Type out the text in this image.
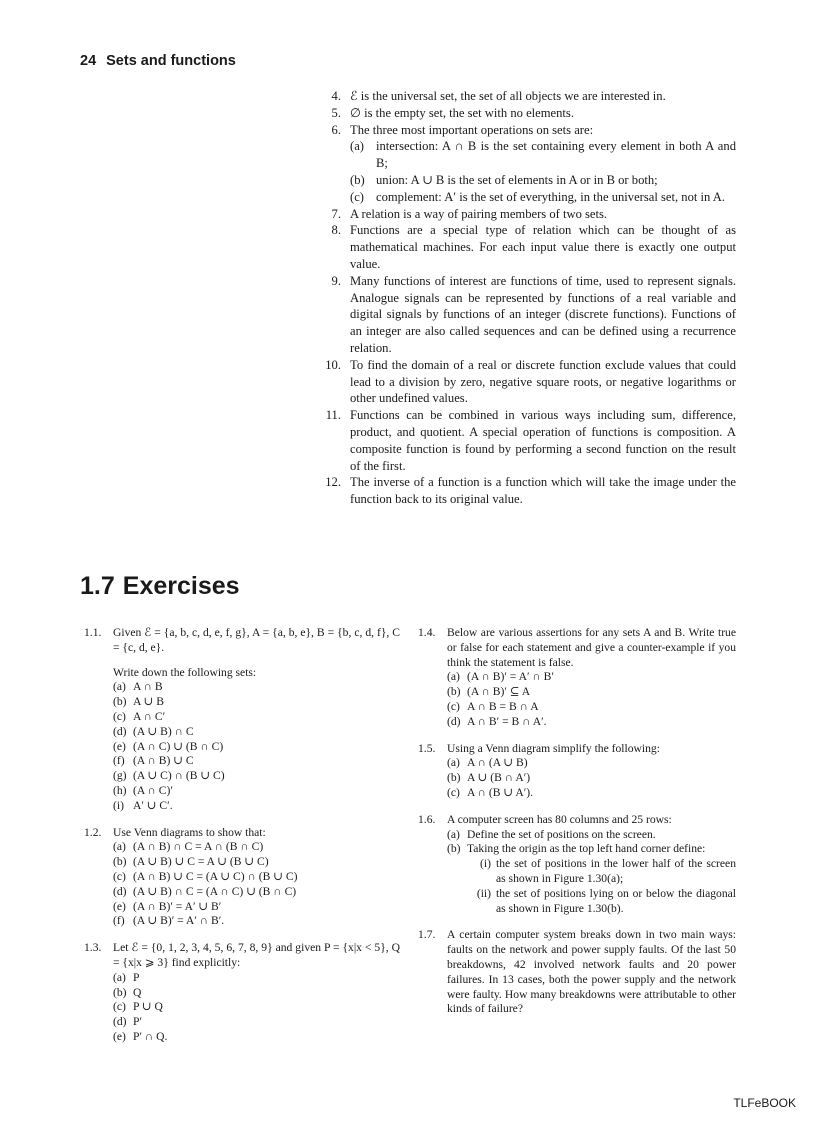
24 Sets and functions
4. ℰ is the universal set, the set of all objects we are interested in.
5. ∅ is the empty set, the set with no elements.
6. The three most important operations on sets are:
(a) intersection: A ∩ B is the set containing every element in both A and B;
(b) union: A ∪ B is the set of elements in A or in B or both;
(c) complement: A′ is the set of everything, in the universal set, not in A.
7. A relation is a way of pairing members of two sets.
8. Functions are a special type of relation which can be thought of as mathematical machines. For each input value there is exactly one output value.
9. Many functions of interest are functions of time, used to represent signals. Analogue signals can be represented by functions of a real variable and digital signals by functions of an integer (discrete functions). Functions of an integer are also called sequences and can be defined using a recurrence relation.
10. To find the domain of a real or discrete function exclude values that could lead to a division by zero, negative square roots, or negative logarithms or other undefined values.
11. Functions can be combined in various ways including sum, difference, product, and quotient. A special operation of functions is composition. A composite function is found by performing a second function on the result of the first.
12. The inverse of a function is a function which will take the image under the function back to its original value.
1.7 Exercises
1.1.	Given ℰ = {a, b, c, d, e, f, g}, A = {a, b, e}, B = {b, c, d, f}, C = {c, d, e}.
Write down the following sets:
(a) A ∩ B
(b) A ∪ B
(c) A ∩ C′
(d) (A ∪ B) ∩ C
(e) (A ∩ C) ∪ (B ∩ C)
(f) (A ∩ B) ∪ C
(g) (A ∪ C) ∩ (B ∪ C)
(h) (A ∩ C)′
(i) A′ ∪ C′.
1.2.	Use Venn diagrams to show that:
(a) (A ∩ B) ∩ C = A ∩ (B ∩ C)
(b) (A ∪ B) ∪ C = A ∪ (B ∪ C)
(c) (A ∩ B) ∪ C = (A ∪ C) ∩ (B ∪ C)
(d) (A ∪ B) ∩ C = (A ∩ C) ∪ (B ∩ C)
(e) (A ∩ B)′ = A′ ∪ B′
(f) (A ∪ B)′ = A′ ∩ B′.
1.3.	Let ℰ = {0, 1, 2, 3, 4, 5, 6, 7, 8, 9} and given P = {x|x < 5}, Q = {x|x ⩾ 3} find explicitly:
(a) P
(b) Q
(c) P ∪ Q
(d) P′
(e) P′ ∩ Q.
1.4.	Below are various assertions for any sets A and B. Write true or false for each statement and give a counter-example if you think the statement is false.
(a) (A ∩ B)′ = A′ ∩ B′
(b) (A ∩ B)′ ⊆ A
(c) A ∩ B = B ∩ A
(d) A ∩ B′ = B ∩ A′.
1.5.	Using a Venn diagram simplify the following:
(a) A ∩ (A ∪ B)
(b) A ∪ (B ∩ A′)
(c) A ∩ (B ∪ A′).
1.6.	A computer screen has 80 columns and 25 rows:
(a) Define the set of positions on the screen.
(b) Taking the origin as the top left hand corner define:
(i) the set of positions in the lower half of the screen as shown in Figure 1.30(a);
(ii) the set of positions lying on or below the diagonal as shown in Figure 1.30(b).
1.7.	A certain computer system breaks down in two main ways: faults on the network and power supply faults. Of the last 50 breakdowns, 42 involved network faults and 20 power failures. In 13 cases, both the power supply and the network were faulty. How many breakdowns were attributable to other kinds of failure?
TLFeBOOK
